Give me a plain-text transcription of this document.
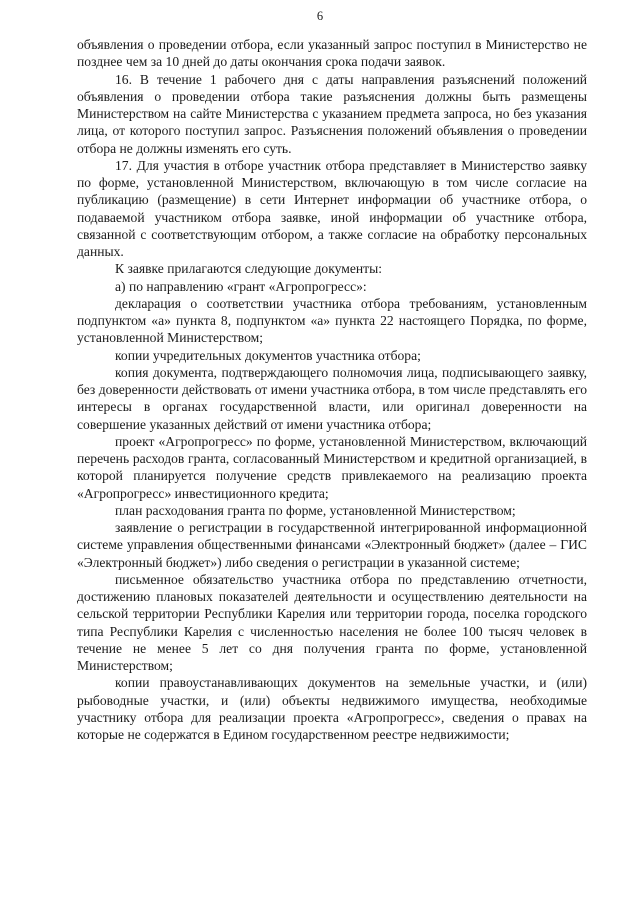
6

объявления о проведении отбора, если указанный запрос поступил в Министерство не позднее чем за 10 дней до даты окончания срока подачи заявок.

16. В течение 1 рабочего дня с даты направления разъяснений положений объявления о проведении отбора такие разъяснения должны быть размещены Министерством на сайте Министерства с указанием предмета запроса, но без указания лица, от которого поступил запрос. Разъяснения положений объявления о проведении отбора не должны изменять его суть.

17. Для участия в отборе участник отбора представляет в Министерство заявку по форме, установленной Министерством, включающую в том числе согласие на публикацию (размещение) в сети Интернет информации об участнике отбора, о подаваемой участником отбора заявке, иной информации об участнике отбора, связанной с соответствующим отбором, а также согласие на обработку персональных данных.

К заявке прилагаются следующие документы:

а) по направлению «грант «Агропрогресс»:

декларация о соответствии участника отбора требованиям, установленным подпунктом «а» пункта 8, подпунктом «а» пункта 22 настоящего Порядка, по форме, установленной Министерством;

копии учредительных документов участника отбора;

копия документа, подтверждающего полномочия лица, подписывающего заявку, без доверенности действовать от имени участника отбора, в том числе представлять его интересы в органах государственной власти, или оригинал доверенности на совершение указанных действий от имени участника отбора;

проект «Агропрогресс» по форме, установленной Министерством, включающий перечень расходов гранта, согласованный Министерством и кредитной организацией, в которой планируется получение средств привлекаемого на реализацию проекта «Агропрогресс» инвестиционного кредита;

план расходования гранта по форме, установленной Министерством;

заявление о регистрации в государственной интегрированной информационной системе управления общественными финансами «Электронный бюджет» (далее – ГИС «Электронный бюджет») либо сведения о регистрации в указанной системе;

письменное обязательство участника отбора по представлению отчетности, достижению плановых показателей деятельности и осуществлению деятельности на сельской территории Республики Карелия или территории города, поселка городского типа Республики Карелия с численностью населения не более 100 тысяч человек в течение не менее 5 лет со дня получения гранта по форме, установленной Министерством;

копии правоустанавливающих документов на земельные участки, и (или) рыбоводные участки, и (или) объекты недвижимого имущества, необходимые участнику отбора для реализации проекта «Агропрогресс», сведения о правах на которые не содержатся в Едином государственном реестре недвижимости;
